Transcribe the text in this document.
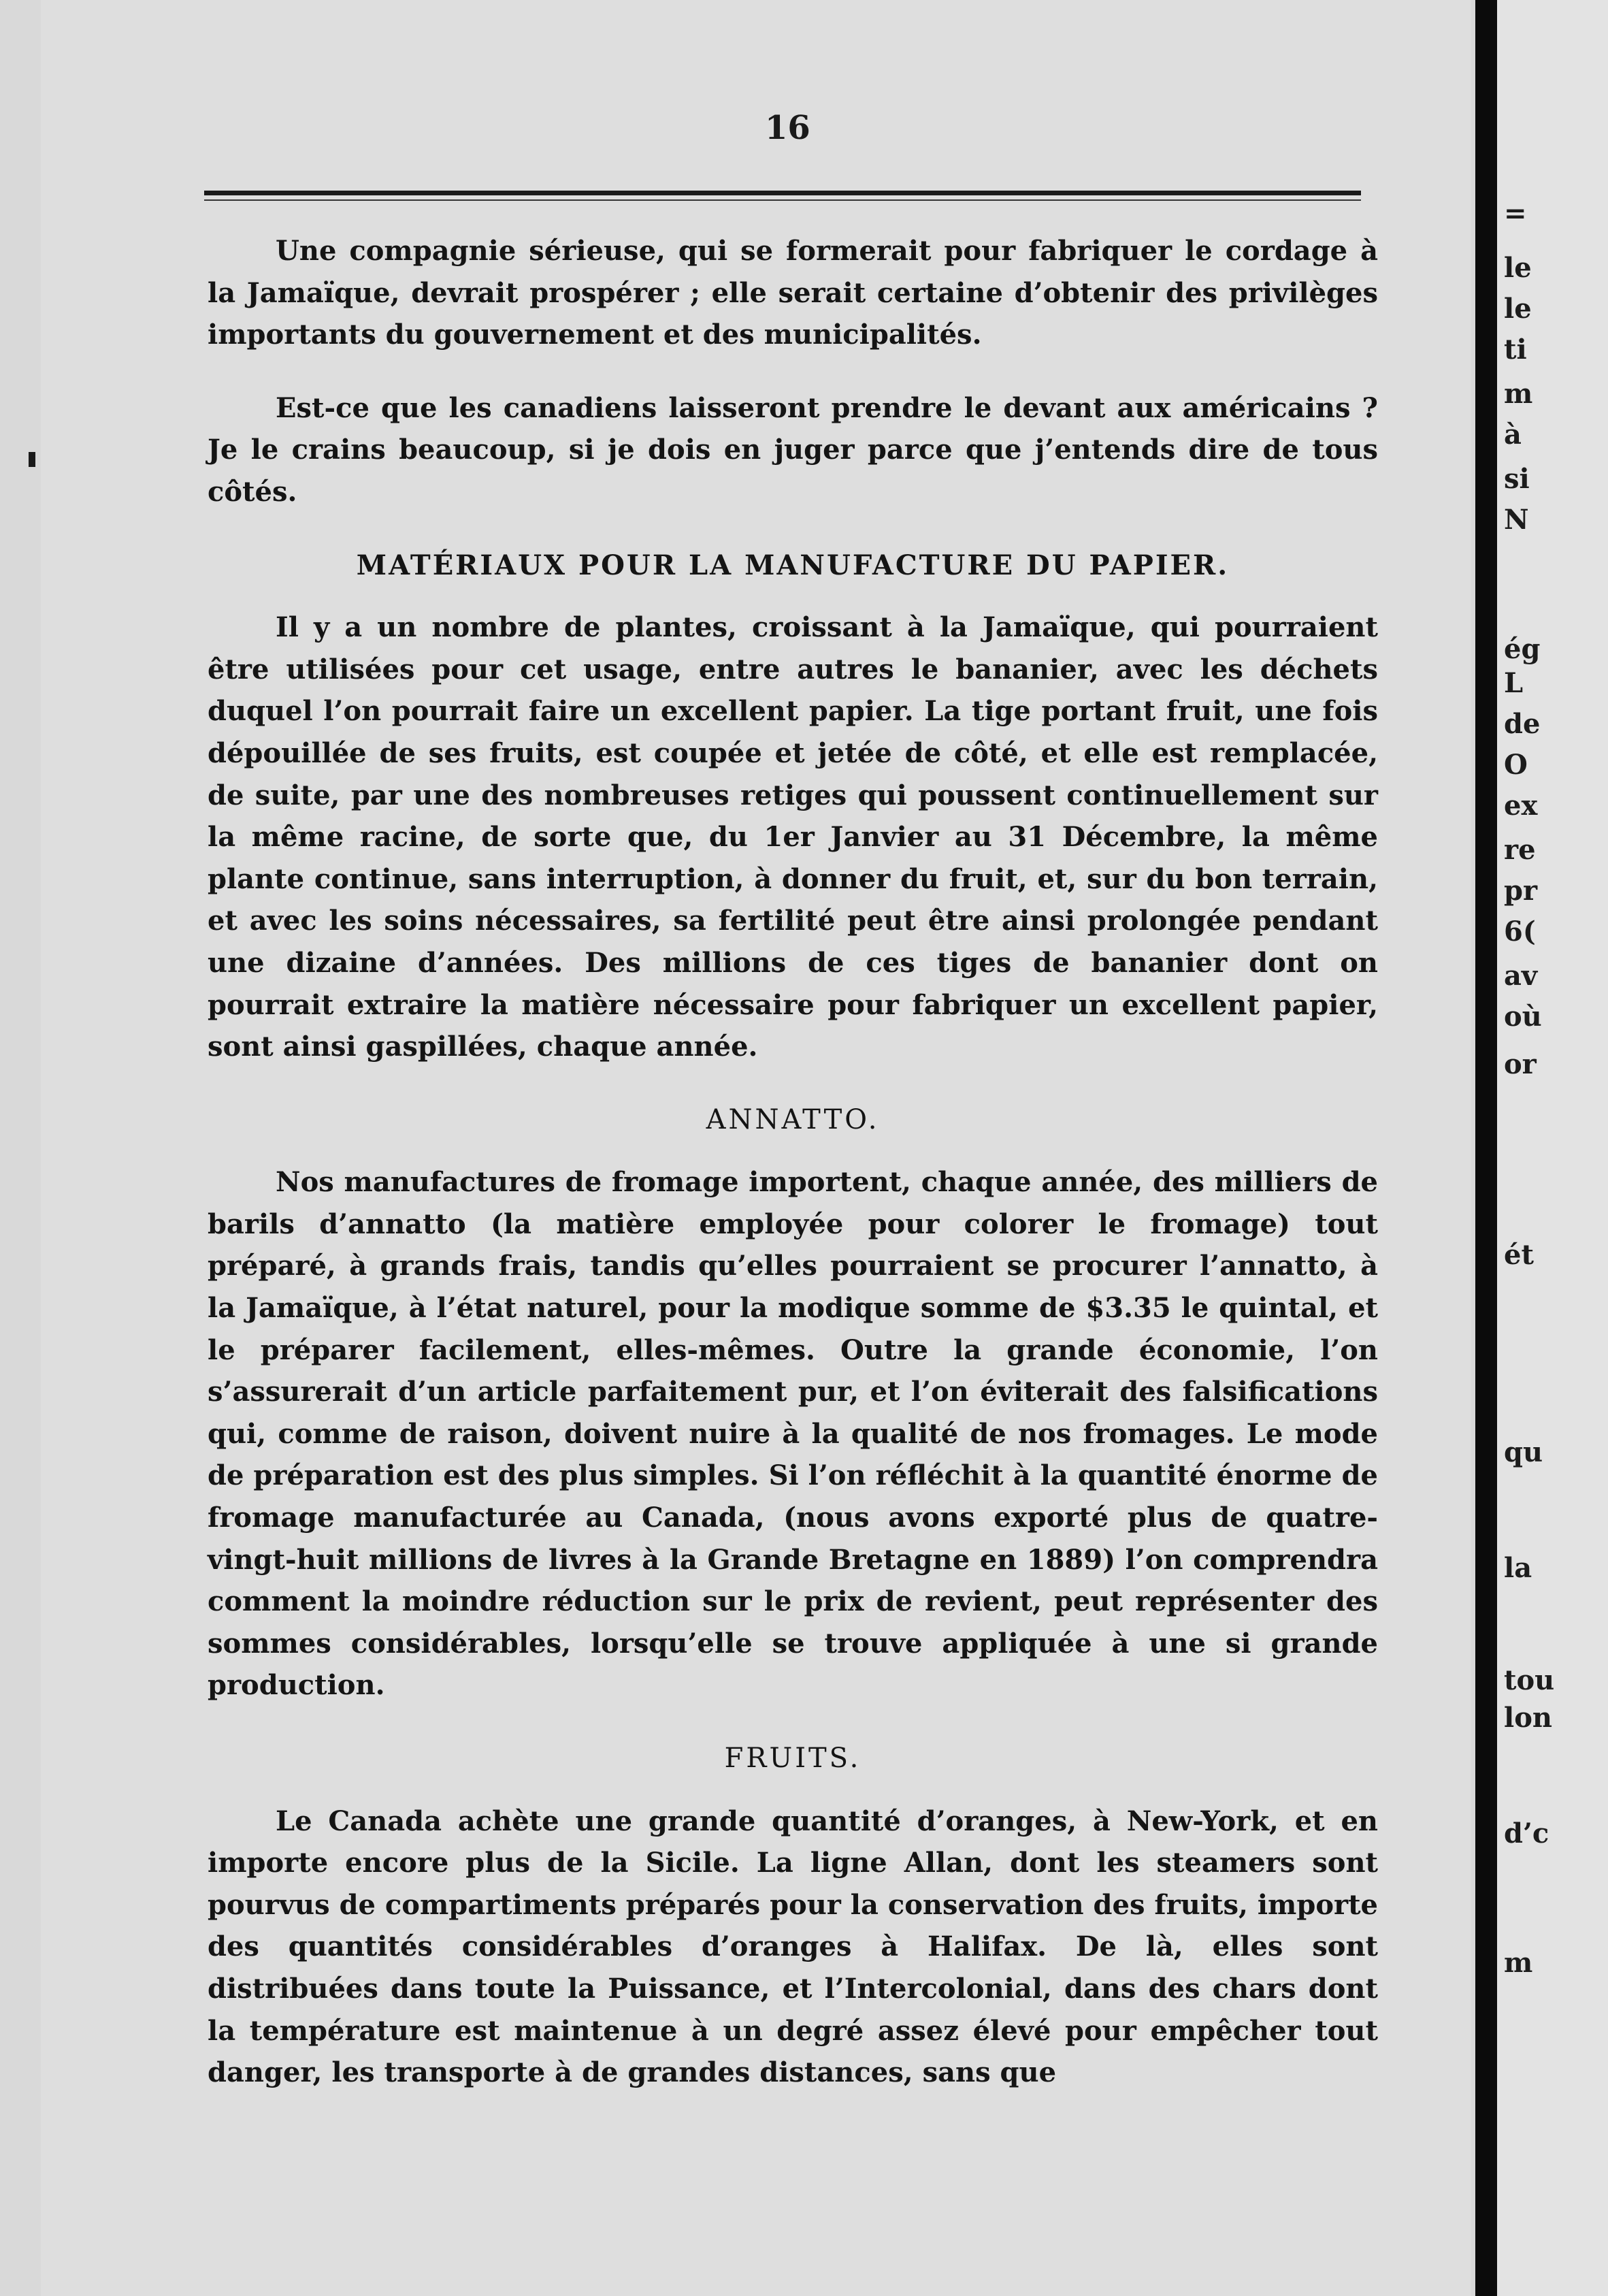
16

Une compagnie sérieuse, qui se formerait pour fabriquer le cordage à la Jamaïque, devrait prospérer ; elle serait certaine d’obtenir des privilèges importants du gouvernement et des municipalités.

Est-ce que les canadiens laisseront prendre le devant aux américains ? Je le crains beaucoup, si je dois en juger parce que j’entends dire de tous côtés.

MATÉRIAUX POUR LA MANUFACTURE DU PAPIER.

Il y a un nombre de plantes, croissant à la Jamaïque, qui pourraient être utilisées pour cet usage, entre autres le bananier, avec les déchets duquel l’on pourrait faire un excellent papier. La tige portant fruit, une fois dépouillée de ses fruits, est coupée et jetée de côté, et elle est remplacée, de suite, par une des nombreuses retiges qui poussent continuellement sur la même racine, de sorte que, du 1er Janvier au 31 Décembre, la même plante continue, sans interruption, à donner du fruit, et, sur du bon terrain, et avec les soins nécessaires, sa fertilité peut être ainsi prolongée pendant une dizaine d’années. Des millions de ces tiges de bananier dont on pourrait extraire la matière nécessaire pour fabriquer un excellent papier, sont ainsi gaspillées, chaque année.

ANNATTO.

Nos manufactures de fromage importent, chaque année, des milliers de barils d’annatto (la matière employée pour colorer le fromage) tout préparé, à grands frais, tandis qu’elles pourraient se procurer l’annatto, à la Jamaïque, à l’état naturel, pour la modique somme de $3.35 le quintal, et le préparer facilement, elles-mêmes. Outre la grande économie, l’on s’assurerait d’un article parfaitement pur, et l’on éviterait des falsifications qui, comme de raison, doivent nuire à la qualité de nos fromages. Le mode de préparation est des plus simples. Si l’on réfléchit à la quantité énorme de fromage manufacturée au Canada, (nous avons exporté plus de quatre-vingt-huit millions de livres à la Grande Bretagne en 1889) l’on comprendra comment la moindre réduction sur le prix de revient, peut représenter des sommes considérables, lorsqu’elle se trouve appliquée à une si grande production.

FRUITS.

Le Canada achète une grande quantité d’oranges, à New-York, et en importe encore plus de la Sicile. La ligne Allan, dont les steamers sont pourvus de compartiments préparés pour la conservation des fruits, importe des quantités considérables d’oranges à Halifax. De là, elles sont distribuées dans toute la Puissance, et l’Intercolonial, dans des chars dont la température est maintenue à un degré assez élevé pour empêcher tout danger, les transporte à de grandes distances, sans que

=
le
le
ti
m
à
si
N
ég
L
de
O
ex
re
pr
6(
av
où
or
ét
qu
la
tou
lon
d’c
m
